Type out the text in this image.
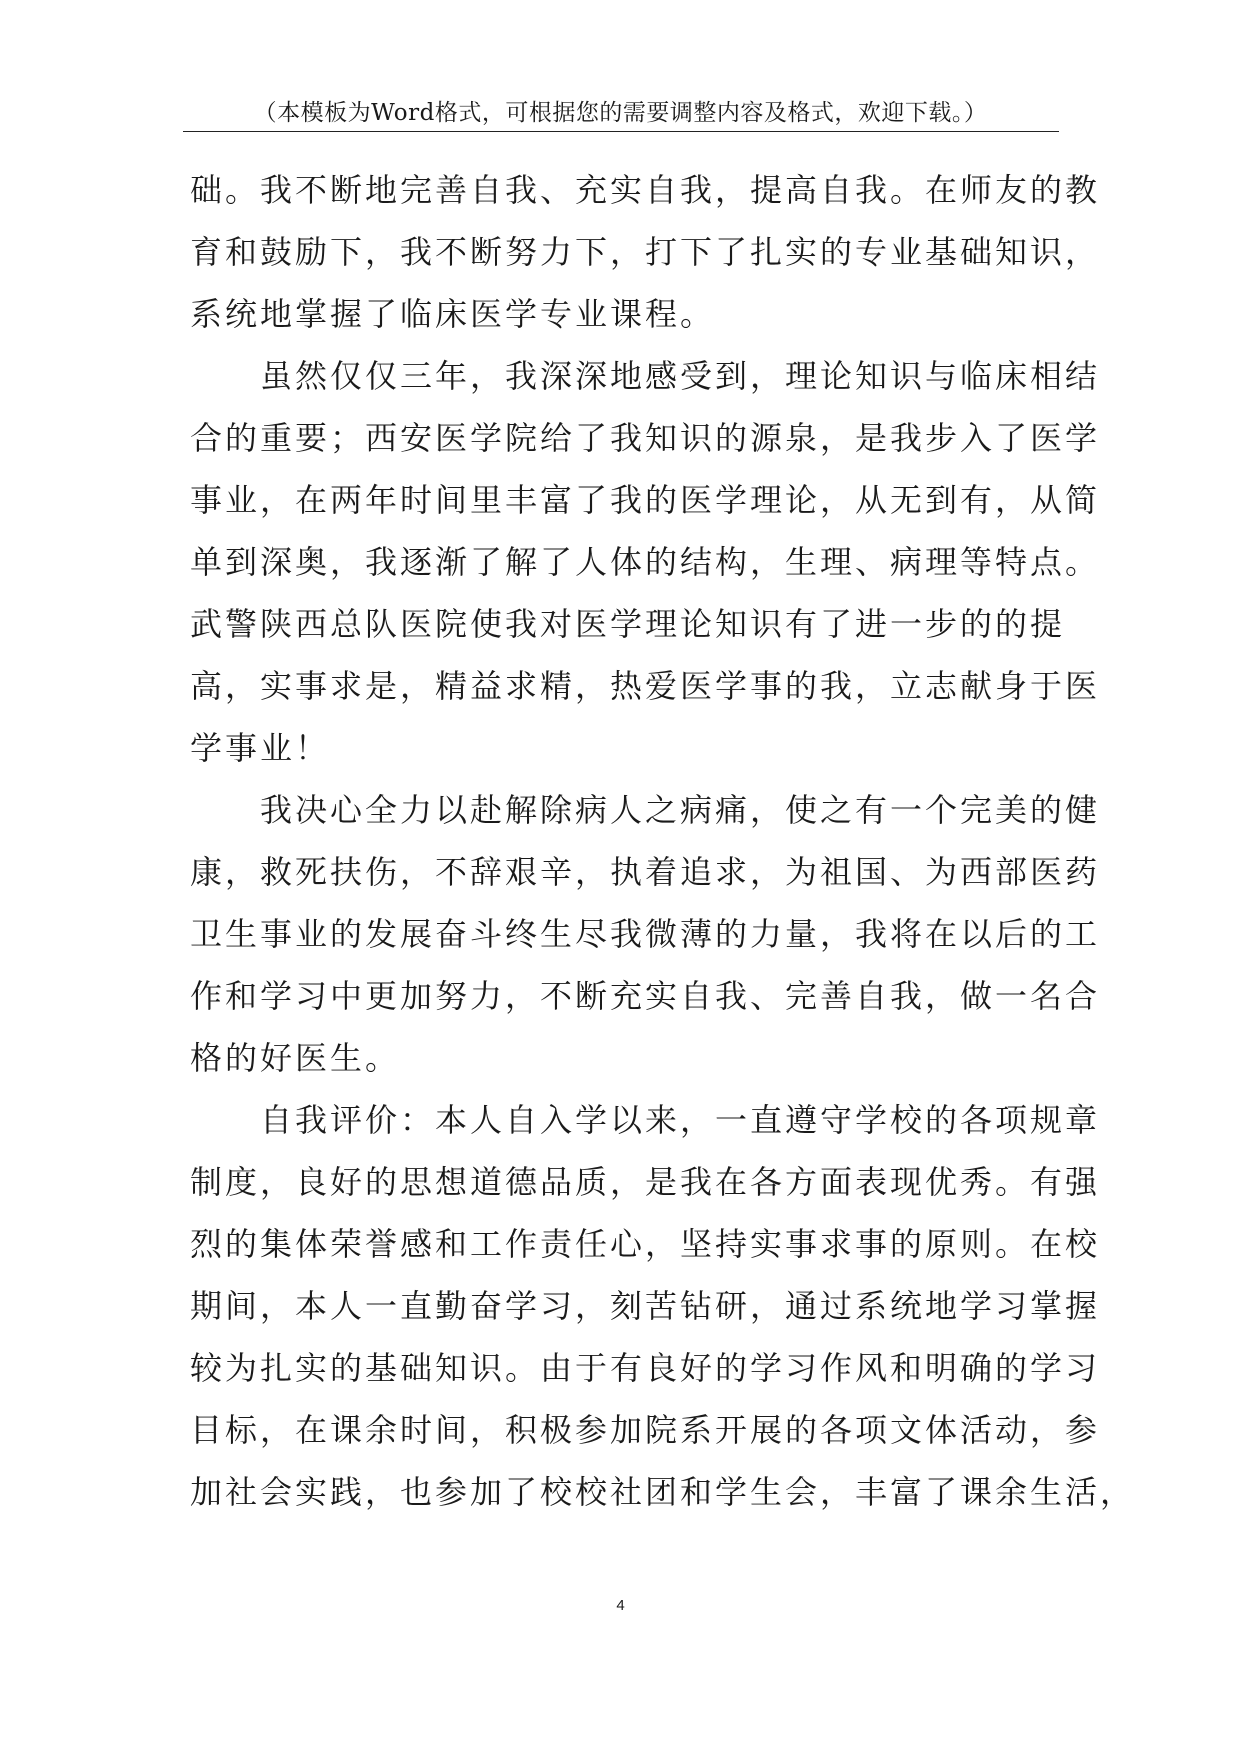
（本模板为Word格式，可根据您的需要调整内容及格式，欢迎下载。）
础。我不断地完善自我、充实自我，提高自我。在师友的教
育和鼓励下，我不断努力下，打下了扎实的专业基础知识，
系统地掌握了临床医学专业课程。
　　虽然仅仅三年，我深深地感受到，理论知识与临床相结
合的重要；西安医学院给了我知识的源泉，是我步入了医学
事业，在两年时间里丰富了我的医学理论，从无到有，从简
单到深奥，我逐渐了解了人体的结构，生理、病理等特点。
武警陕西总队医院使我对医学理论知识有了进一步的的提
高，实事求是，精益求精，热爱医学事的我，立志献身于医
学事业！
　　我决心全力以赴解除病人之病痛，使之有一个完美的健
康，救死扶伤，不辞艰辛，执着追求，为祖国、为西部医药
卫生事业的发展奋斗终生尽我微薄的力量，我将在以后的工
作和学习中更加努力，不断充实自我、完善自我，做一名合
格的好医生。
　　自我评价：本人自入学以来，一直遵守学校的各项规章
制度，良好的思想道德品质，是我在各方面表现优秀。有强
烈的集体荣誉感和工作责任心，坚持实事求事的原则。在校
期间，本人一直勤奋学习，刻苦钻研，通过系统地学习掌握
较为扎实的基础知识。由于有良好的学习作风和明确的学习
目标，在课余时间，积极参加院系开展的各项文体活动，参
加社会实践，也参加了校校社团和学生会，丰富了课余生活，
4
